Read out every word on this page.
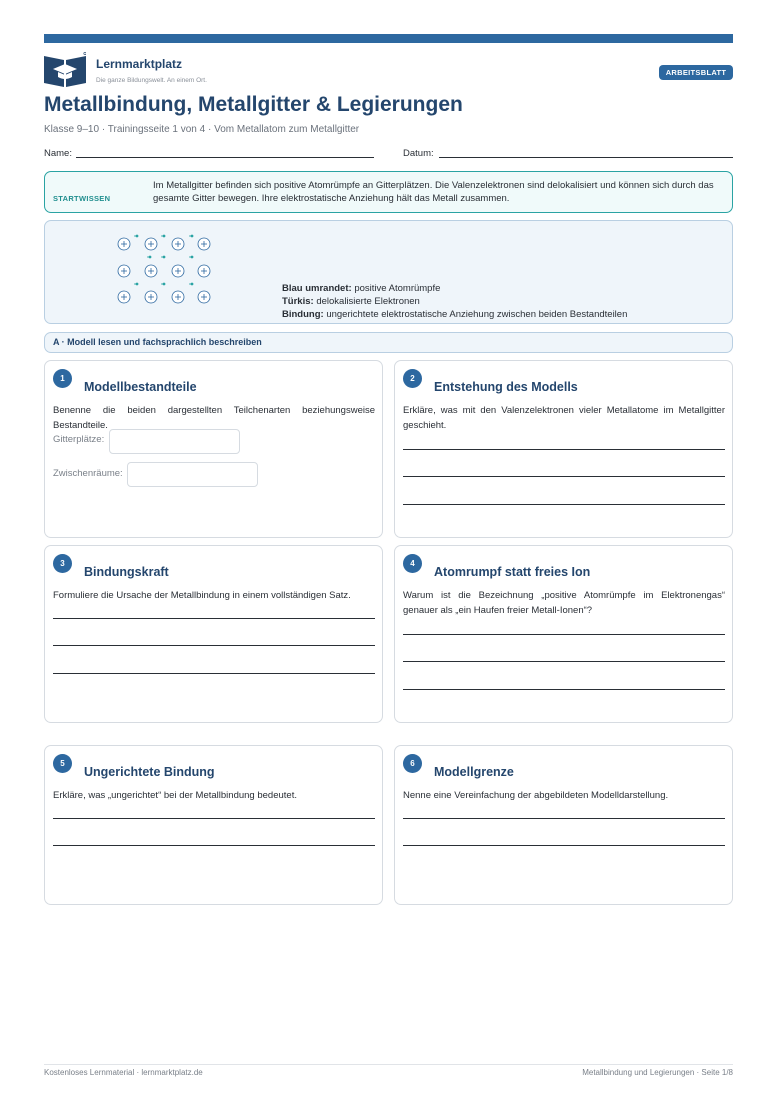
Lernmarktplatz
Die ganze Bildungswelt. An einem Ort.
ARBEITSBLATT
Metallbindung, Metallgitter & Legierungen
Klasse 9–10 · Trainingsseite 1 von 4 · Vom Metallatom zum Metallgitter
Name:	Datum:
STARTWISSEN
Im Metallgitter befinden sich positive Atomrümpfe an Gitterplätzen. Die Valenzelektronen sind delokalisiert und können sich durch das gesamte Gitter bewegen. Ihre elektrostatische Anziehung hält das Metall zusammen.
Blau umrandet: positive Atomrümpfe
Türkis: delokalisierte Elektronen
Bindung: ungerichtete elektrostatische Anziehung zwischen beiden Bestandteilen
A · Modell lesen und fachsprachlich beschreiben
1
Modellbestandteile
Benenne die beiden dargestellten Teilchenarten beziehungsweise Bestandteile.
Gitterplätze:
Zwischenräume:
2
Entstehung des Modells
Erkläre, was mit den Valenzelektronen vieler Metallatome im Metallgitter geschieht.
3
Bindungskraft
Formuliere die Ursache der Metallbindung in einem vollständigen Satz.
4
Atomrumpf statt freies Ion
Warum ist die Bezeichnung „positive Atomrümpfe im Elektronengas“ genauer als „ein Haufen freier Metall-Ionen“?
5
Ungerichtete Bindung
Erkläre, was „ungerichtet“ bei der Metallbindung bedeutet.
6
Modellgrenze
Nenne eine Vereinfachung der abgebildeten Modelldarstellung.
Kostenloses Lernmaterial · lernmarktplatz.de	Metallbindung und Legierungen · Seite 1/8
